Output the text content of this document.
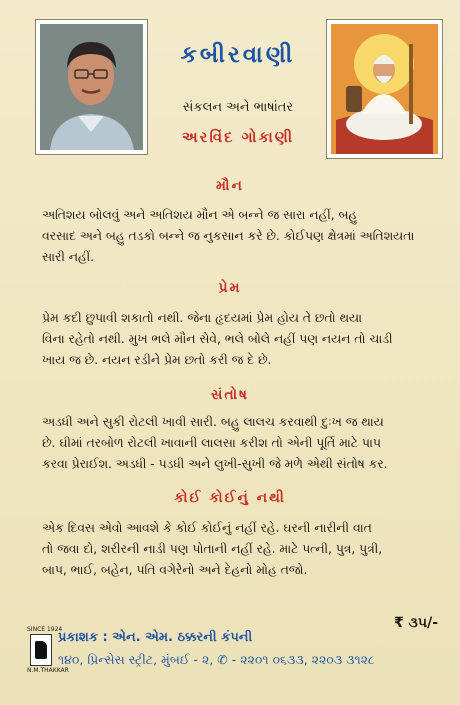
કબીરવાણી

સંકલન અને ભાષાંતર

અરવિંદ ગોકાણી

મૌન

અતિશય બોલવું અને અતિશય મૌન એ બન્ને જ સારા નહીં, બહુ
વરસાદ અને બહુ તડકો બન્ને જ નુકસાન કરે છે. કોઈપણ ક્ષેત્રમાં અતિશયતા
સારી નહીં.

પ્રેમ

પ્રેમ કદી છુપાવી શકાતો નથી. જેના હૃદયમાં પ્રેમ હોય તે છતો થયા
વિના રહેતો નથી. મુખ ભલે મૌન સેવે, ભલે બોલે નહીં પણ નયન તો ચાડી
ખાય જ છે. નયન રડીને પ્રેમ છતો કરી જ દે છે.

સંતોષ

અડધી અને સુકી રોટલી ખાવી સારી. બહુ લાલચ કરવાથી દુઃખ જ થાય
છે. ઘીમાં તરબોળ રોટલી ખાવાની લાલસા કરીશ તો એની પૂર્તિ માટે પાપ
કરવા પ્રેરાઈશ. અડધી - પડધી અને લુખી-સુખી જે મળે એથી સંતોષ કર.

કોઈ કોઈનું નથી

એક દિવસ એવો આવશે કે કોઈ કોઈનું નહીં રહે. ઘરની નારીની વાત
તો જવા દો, શરીરની નાડી પણ પોતાની નહીં રહે. માટે પત્ની, પુત્ર, પુત્રી,
બાપ, ભાઈ, બહેન, પતિ વગેરેનો અને દેહનો મોહ તજો.

₹ ૩૫/-
SINCE 1924
N.M.THAKKAR

પ્રકાશક : એન. એમ. ઠક્કરની કંપની

૧૪૦, પ્રિન્સેસ સ્ટ્રીટ, મુંબઈ - ૨, ✆ - ૨૨૦૧ ૦૬૩૩, ૨૨૦૩ ૩૧૨૮
